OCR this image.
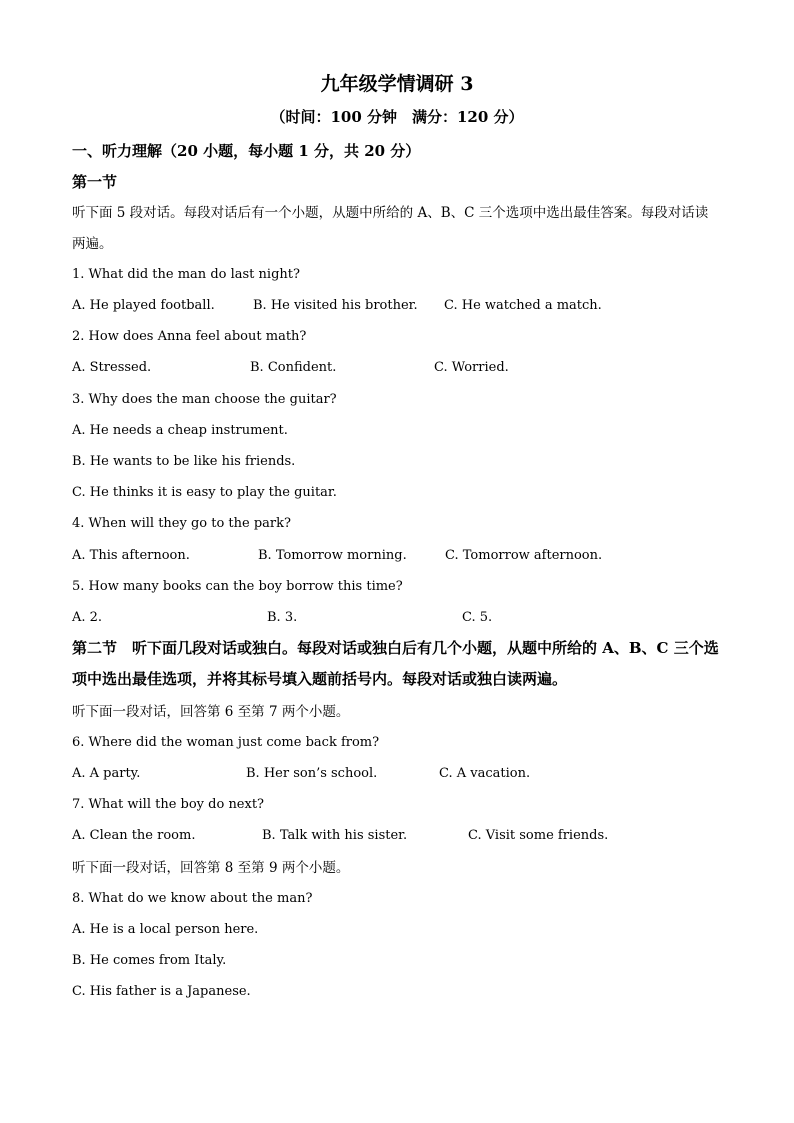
九年级学情调研 3
（时间：100 分钟　满分：120 分）
一、听力理解（20 小题，每小题 1 分，共 20 分）
第一节
听下面 5 段对话。每段对话后有一个小题，从题中所给的 A、B、C 三个选项中选出最佳答案。每段对话读
两遍。
1. What did the man do last night?
A. He played football.	B. He visited his brother. C. He watched a match.
2. How does Anna feel about math?
A. Stressed.	B. Confident.	C. Worried.
3. Why does the man choose the guitar?
A. He needs a cheap instrument.
B. He wants to be like his friends.
C. He thinks it is easy to play the guitar.
4. When will they go to the park?
A. This afternoon.	B. Tomorrow morning.	C. Tomorrow afternoon.
5. How many books can the boy borrow this time?
A. 2.	B. 3.	C. 5.
第二节　听下面几段对话或独白。每段对话或独白后有几个小题，从题中所给的 A、B、C 三个选项中选出最佳选项，并将其标号填入题前括号内。每段对话或独白读两遍。
听下面一段对话，回答第 6 至第 7 两个小题。
6. Where did the woman just come back from?
A. A party.	B. Her son’s school.	C. A vacation.
7. What will the boy do next?
A. Clean the room.	B. Talk with his sister.	C. Visit some friends.
听下面一段对话，回答第 8 至第 9 两个小题。
8. What do we know about the man?
A. He is a local person here.
B. He comes from Italy.
C. His father is a Japanese.
